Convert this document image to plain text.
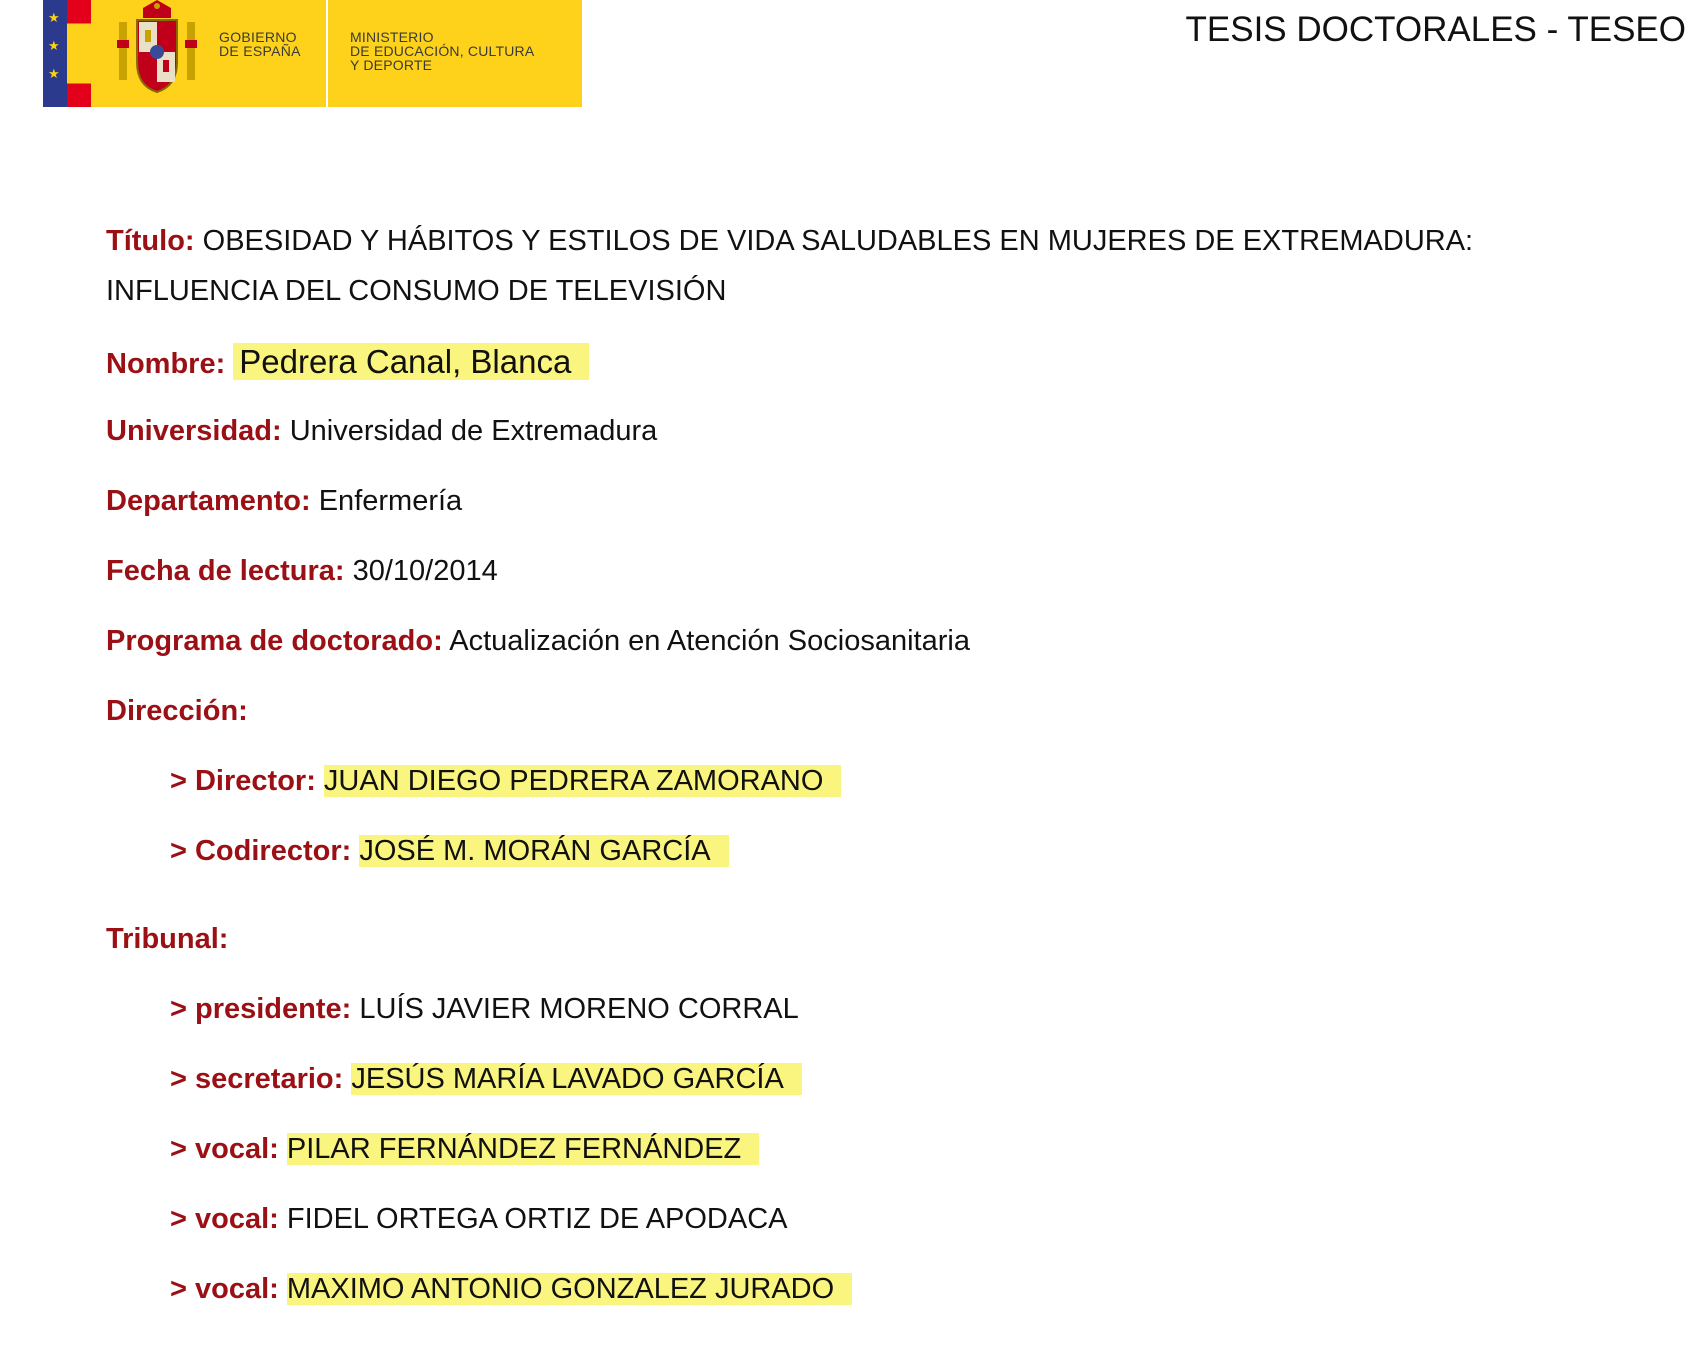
★
★
★
GOBIERNO
DE ESPAÑA
MINISTERIO
DE EDUCACIÓN, CULTURA
Y DEPORTE
TESIS DOCTORALES - TESEO
Título: OBESIDAD Y HÁBITOS Y ESTILOS DE VIDA SALUDABLES EN MUJERES DE EXTREMADURA: INFLUENCIA DEL CONSUMO DE TELEVISIÓN
Nombre: Pedrera Canal, Blanca
Universidad: Universidad de Extremadura
Departamento: Enfermería
Fecha de lectura: 30/10/2014
Programa de doctorado: Actualización en Atención Sociosanitaria
Dirección:
> Director: JUAN DIEGO PEDRERA ZAMORANO
> Codirector: JOSÉ M. MORÁN GARCÍA
Tribunal:
> presidente: LUÍS JAVIER MORENO CORRAL
> secretario: JESÚS MARÍA LAVADO GARCÍA
> vocal: PILAR FERNÁNDEZ FERNÁNDEZ
> vocal: FIDEL ORTEGA ORTIZ DE APODACA
> vocal: MAXIMO ANTONIO GONZALEZ JURADO
